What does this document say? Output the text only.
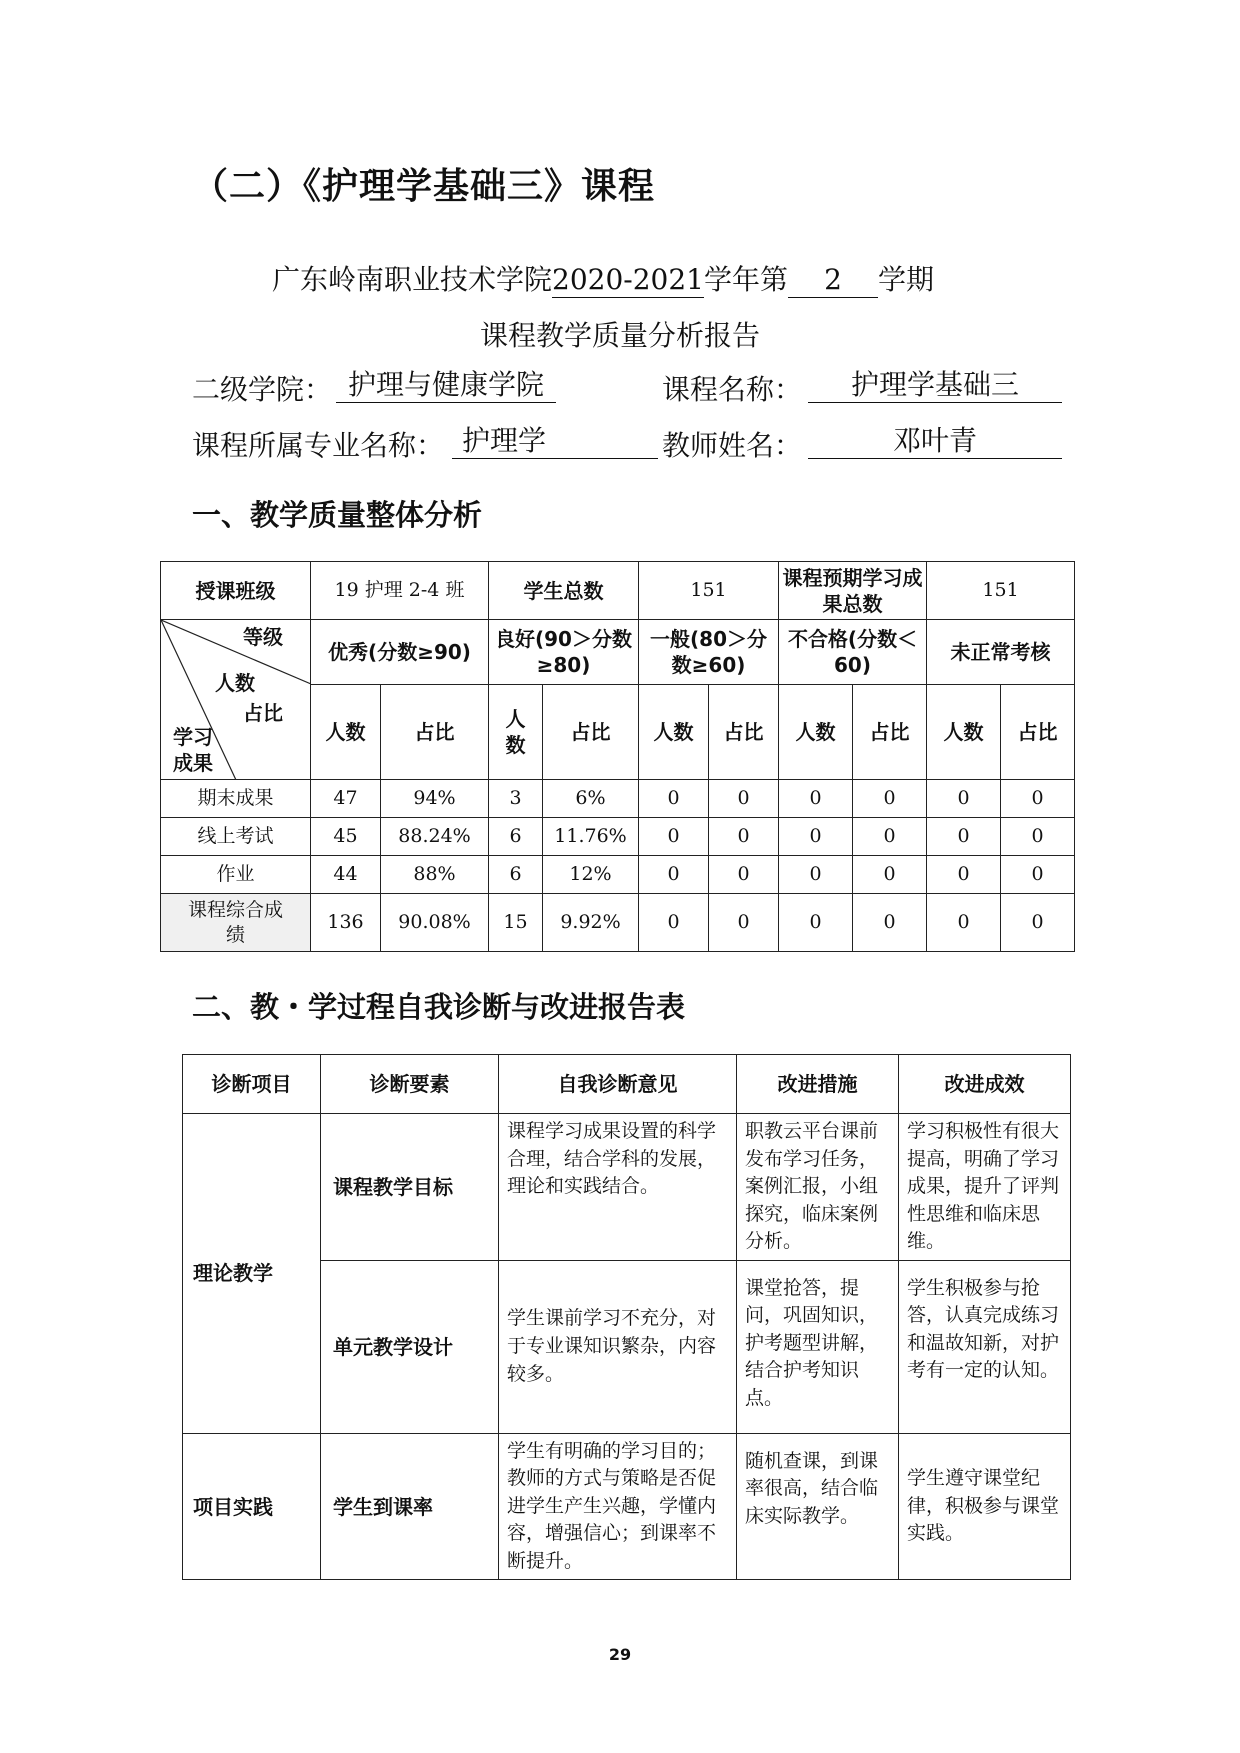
（二）《护理学基础三》课程
广东岭南职业技术学院2020-2021学年第 2 学期
课程教学质量分析报告
二级学院： 护理与健康学院	课程名称：	护理学基础三
课程所属专业名称： 护理学	教师姓名：	邓叶青
一、教学质量整体分析
授课班级	19 护理 2-4 班		学生总数		151		课程预期学习成果总数		151	

等级
人数
占比
学习
成果	优秀(分数≥90)		良好(90＞分数≥80)		一般(80＞分数≥60)		不合格(分数＜60)		未正常考核	
	人数	占比	人数	占比	人数	占比	人数	占比	人数	占比
期末成果	47	94%	3	6%	0	0	0	0	0	0
线上考试	45	88.24%	6	11.76%	0	0	0	0	0	0
作业	44	88%	6	12%	0	0	0	0	0	0
课程综合成绩	136	90.08%	15	9.92%	0	0	0	0	0	0
二、教・学过程自我诊断与改进报告表
诊断项目	诊断要素	自我诊断意见	改进措施	改进成效
理论教学	课程教学目标	课程学习成果设置的科学合理，结合学科的发展，理论和实践结合。	职教云平台课前发布学习任务，案例汇报，小组探究，临床案例分析。	学习积极性有很大提高，明确了学习成果，提升了评判性思维和临床思维。
	单元教学设计	学生课前学习不充分，对于专业课知识繁杂，内容较多。	课堂抢答，提问，巩固知识，护考题型讲解，结合护考知识点。	学生积极参与抢答，认真完成练习和温故知新，对护考有一定的认知。
项目实践	学生到课率	学生有明确的学习目的；教师的方式与策略是否促进学生产生兴趣，学懂内容，增强信心；到课率不断提升。	随机查课，到课率很高，结合临床实际教学。	学生遵守课堂纪律，积极参与课堂实践。
29
